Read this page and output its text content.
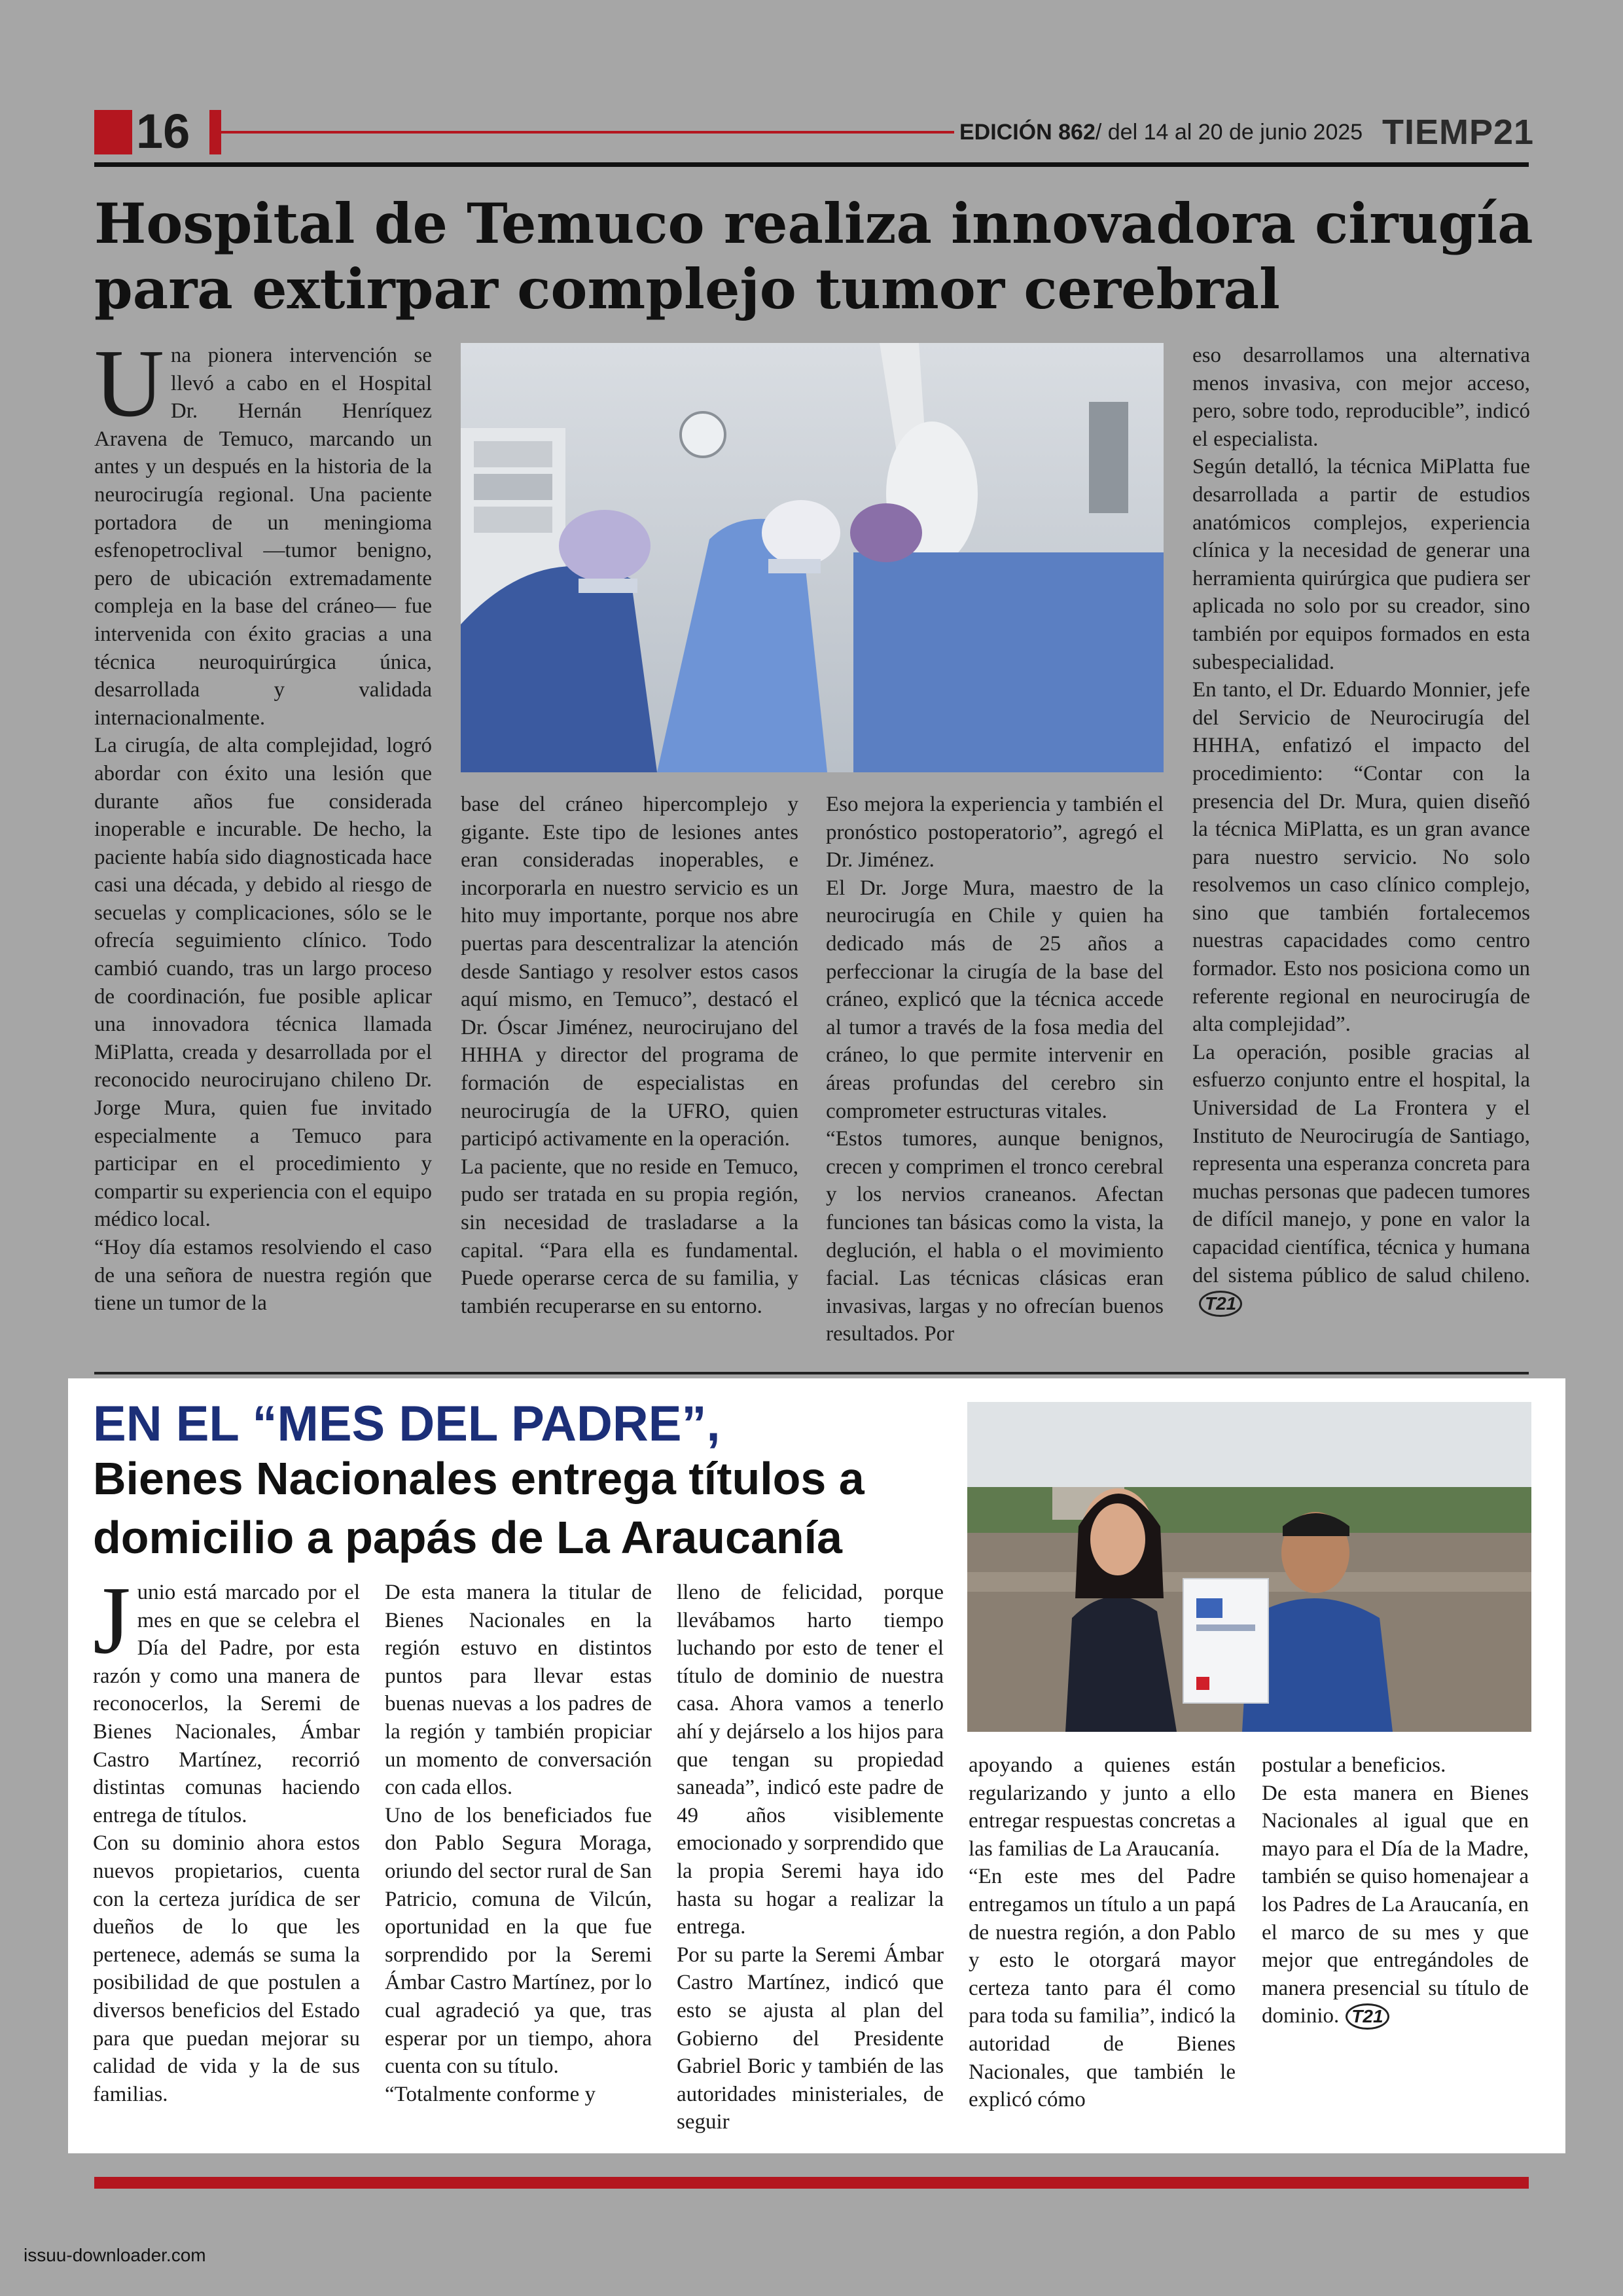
16	EDICIÓN 862/ del 14 al 20 de junio 2025 TIEMP21
Hospital de Temuco realiza innovadora cirugía para extirpar complejo tumor cerebral
U na pionera intervención se llevó a cabo en el Hospital Dr. Hernán Henríquez Aravena de Temuco, marcando un antes y un después en la historia de la neurocirugía regional. Una paciente portadora de un meningioma esfenopetroclival —tumor benigno, pero de ubicación extremadamente compleja en la base del cráneo— fue intervenida con éxito gracias a una técnica neuroquirúrgica única, desarrollada y validada internacionalmente.

La cirugía, de alta complejidad, logró abordar con éxito una lesión que durante años fue considerada inoperable e incurable. De hecho, la paciente había sido diagnosticada hace casi una década, y debido al riesgo de secuelas y complicaciones, sólo se le ofrecía seguimiento clínico. Todo cambió cuando, tras un largo proceso de coordinación, fue posible aplicar una innovadora técnica llamada MiPlatta, creada y desarrollada por el reconocido neurocirujano chileno Dr. Jorge Mura, quien fue invitado especialmente a Temuco para participar en el procedimiento y compartir su experiencia con el equipo médico local.

“Hoy día estamos resolviendo el caso de una señora de nuestra región que tiene un tumor de la

base del cráneo hipercomplejo y gigante. Este tipo de lesiones antes eran consideradas inoperables, e incorporarla en nuestro servicio es un hito muy importante, porque nos abre puertas para descentralizar la atención desde Santiago y resolver estos casos aquí mismo, en Temuco”, destacó el Dr. Óscar Jiménez, neurocirujano del HHHA y director del programa de formación de especialistas en neurocirugía de la UFRO, quien participó activamente en la operación.

La paciente, que no reside en Temuco, pudo ser tratada en su propia región, sin necesidad de trasladarse a la capital. “Para ella es fundamental. Puede operarse cerca de su familia, y también recuperarse en su entorno.

Eso mejora la experiencia y también el pronóstico postoperatorio”, agregó el Dr. Jiménez.

El Dr. Jorge Mura, maestro de la neurocirugía en Chile y quien ha dedicado más de 25 años a perfeccionar la cirugía de la base del cráneo, explicó que la técnica accede al tumor a través de la fosa media del cráneo, lo que permite intervenir en áreas profundas del cerebro sin comprometer estructuras vitales.

“Estos tumores, aunque benignos, crecen y comprimen el tronco cerebral y los nervios craneanos. Afectan funciones tan básicas como la vista, la deglución, el habla o el movimiento facial. Las técnicas clásicas eran invasivas, largas y no ofrecían buenos resultados. Por

eso desarrollamos una alternativa menos invasiva, con mejor acceso, pero, sobre todo, reproducible”, indicó el especialista.

Según detalló, la técnica MiPlatta fue desarrollada a partir de estudios anatómicos complejos, experiencia clínica y la necesidad de generar una herramienta quirúrgica que pudiera ser aplicada no solo por su creador, sino también por equipos formados en esta subespecialidad.

En tanto, el Dr. Eduardo Monnier, jefe del Servicio de Neurocirugía del HHHA, enfatizó el impacto del procedimiento: “Contar con la presencia del Dr. Mura, quien diseñó la técnica MiPlatta, es un gran avance para nuestro servicio. No solo resolvemos un caso clínico complejo, sino que también fortalecemos nuestras capacidades como centro formador. Esto nos posiciona como un referente regional en neurocirugía de alta complejidad”.

La operación, posible gracias al esfuerzo conjunto entre el hospital, la Universidad de La Frontera y el Instituto de Neurocirugía de Santiago, representa una esperanza concreta para muchas personas que padecen tumores de difícil manejo, y pone en valor la capacidad científica, técnica y humana del sistema público de salud chileno.T21

EN EL “MES DEL PADRE”,
Bienes Nacionales entrega títulos a domicilio a papás de La Araucanía
J unio está marcado por el mes en que se celebra el Día del Padre, por esta razón y como una manera de reconocerlos, la Seremi de Bienes Nacionales, Ámbar Castro Martínez, recorrió distintas comunas haciendo entrega de títulos.

Con su dominio ahora estos nuevos propietarios, cuenta con la certeza jurídica de ser dueños de lo que les pertenece, además se suma la posibilidad de que postulen a diversos beneficios del Estado para que puedan mejorar su calidad de vida y la de sus familias.

De esta manera la titular de Bienes Nacionales en la región estuvo en distintos puntos para llevar estas buenas nuevas a los padres de la región y también propiciar un momento de conversación con cada ellos.

Uno de los beneficiados fue don Pablo Segura Moraga, oriundo del sector rural de San Patricio, comuna de Vilcún, oportunidad en la que fue sorprendido por la Seremi Ámbar Castro Martínez, por lo cual agradeció ya que, tras esperar por un tiempo, ahora cuenta con su título.

“Totalmente conforme y

lleno de felicidad, porque llevábamos harto tiempo luchando por esto de tener el título de dominio de nuestra casa. Ahora vamos a tenerlo ahí y dejárselo a los hijos para que tengan su propiedad saneada”, indicó este padre de 49 años visiblemente emocionado y sorprendido que la propia Seremi haya ido hasta su hogar a realizar la entrega.

Por su parte la Seremi Ámbar Castro Martínez, indicó que esto se ajusta al plan del Gobierno del Presidente Gabriel Boric y también de las autoridades ministeriales, de seguir

apoyando a quienes están regularizando y junto a ello entregar respuestas concretas a las familias de La Araucanía.

“En este mes del Padre entregamos un título a un papá de nuestra región, a don Pablo y esto le otorgará mayor certeza tanto para él como para toda su familia”, indicó la autoridad de Bienes Nacionales, que también le explicó cómo

postular a beneficios.

De esta manera en Bienes Nacionales al igual que en mayo para el Día de la Madre, también se quiso homenajear a los Padres de La Araucanía, en el marco de su mes y que mejor que entregándoles de manera presencial su título de dominio. T21

issuu-downloader.com
